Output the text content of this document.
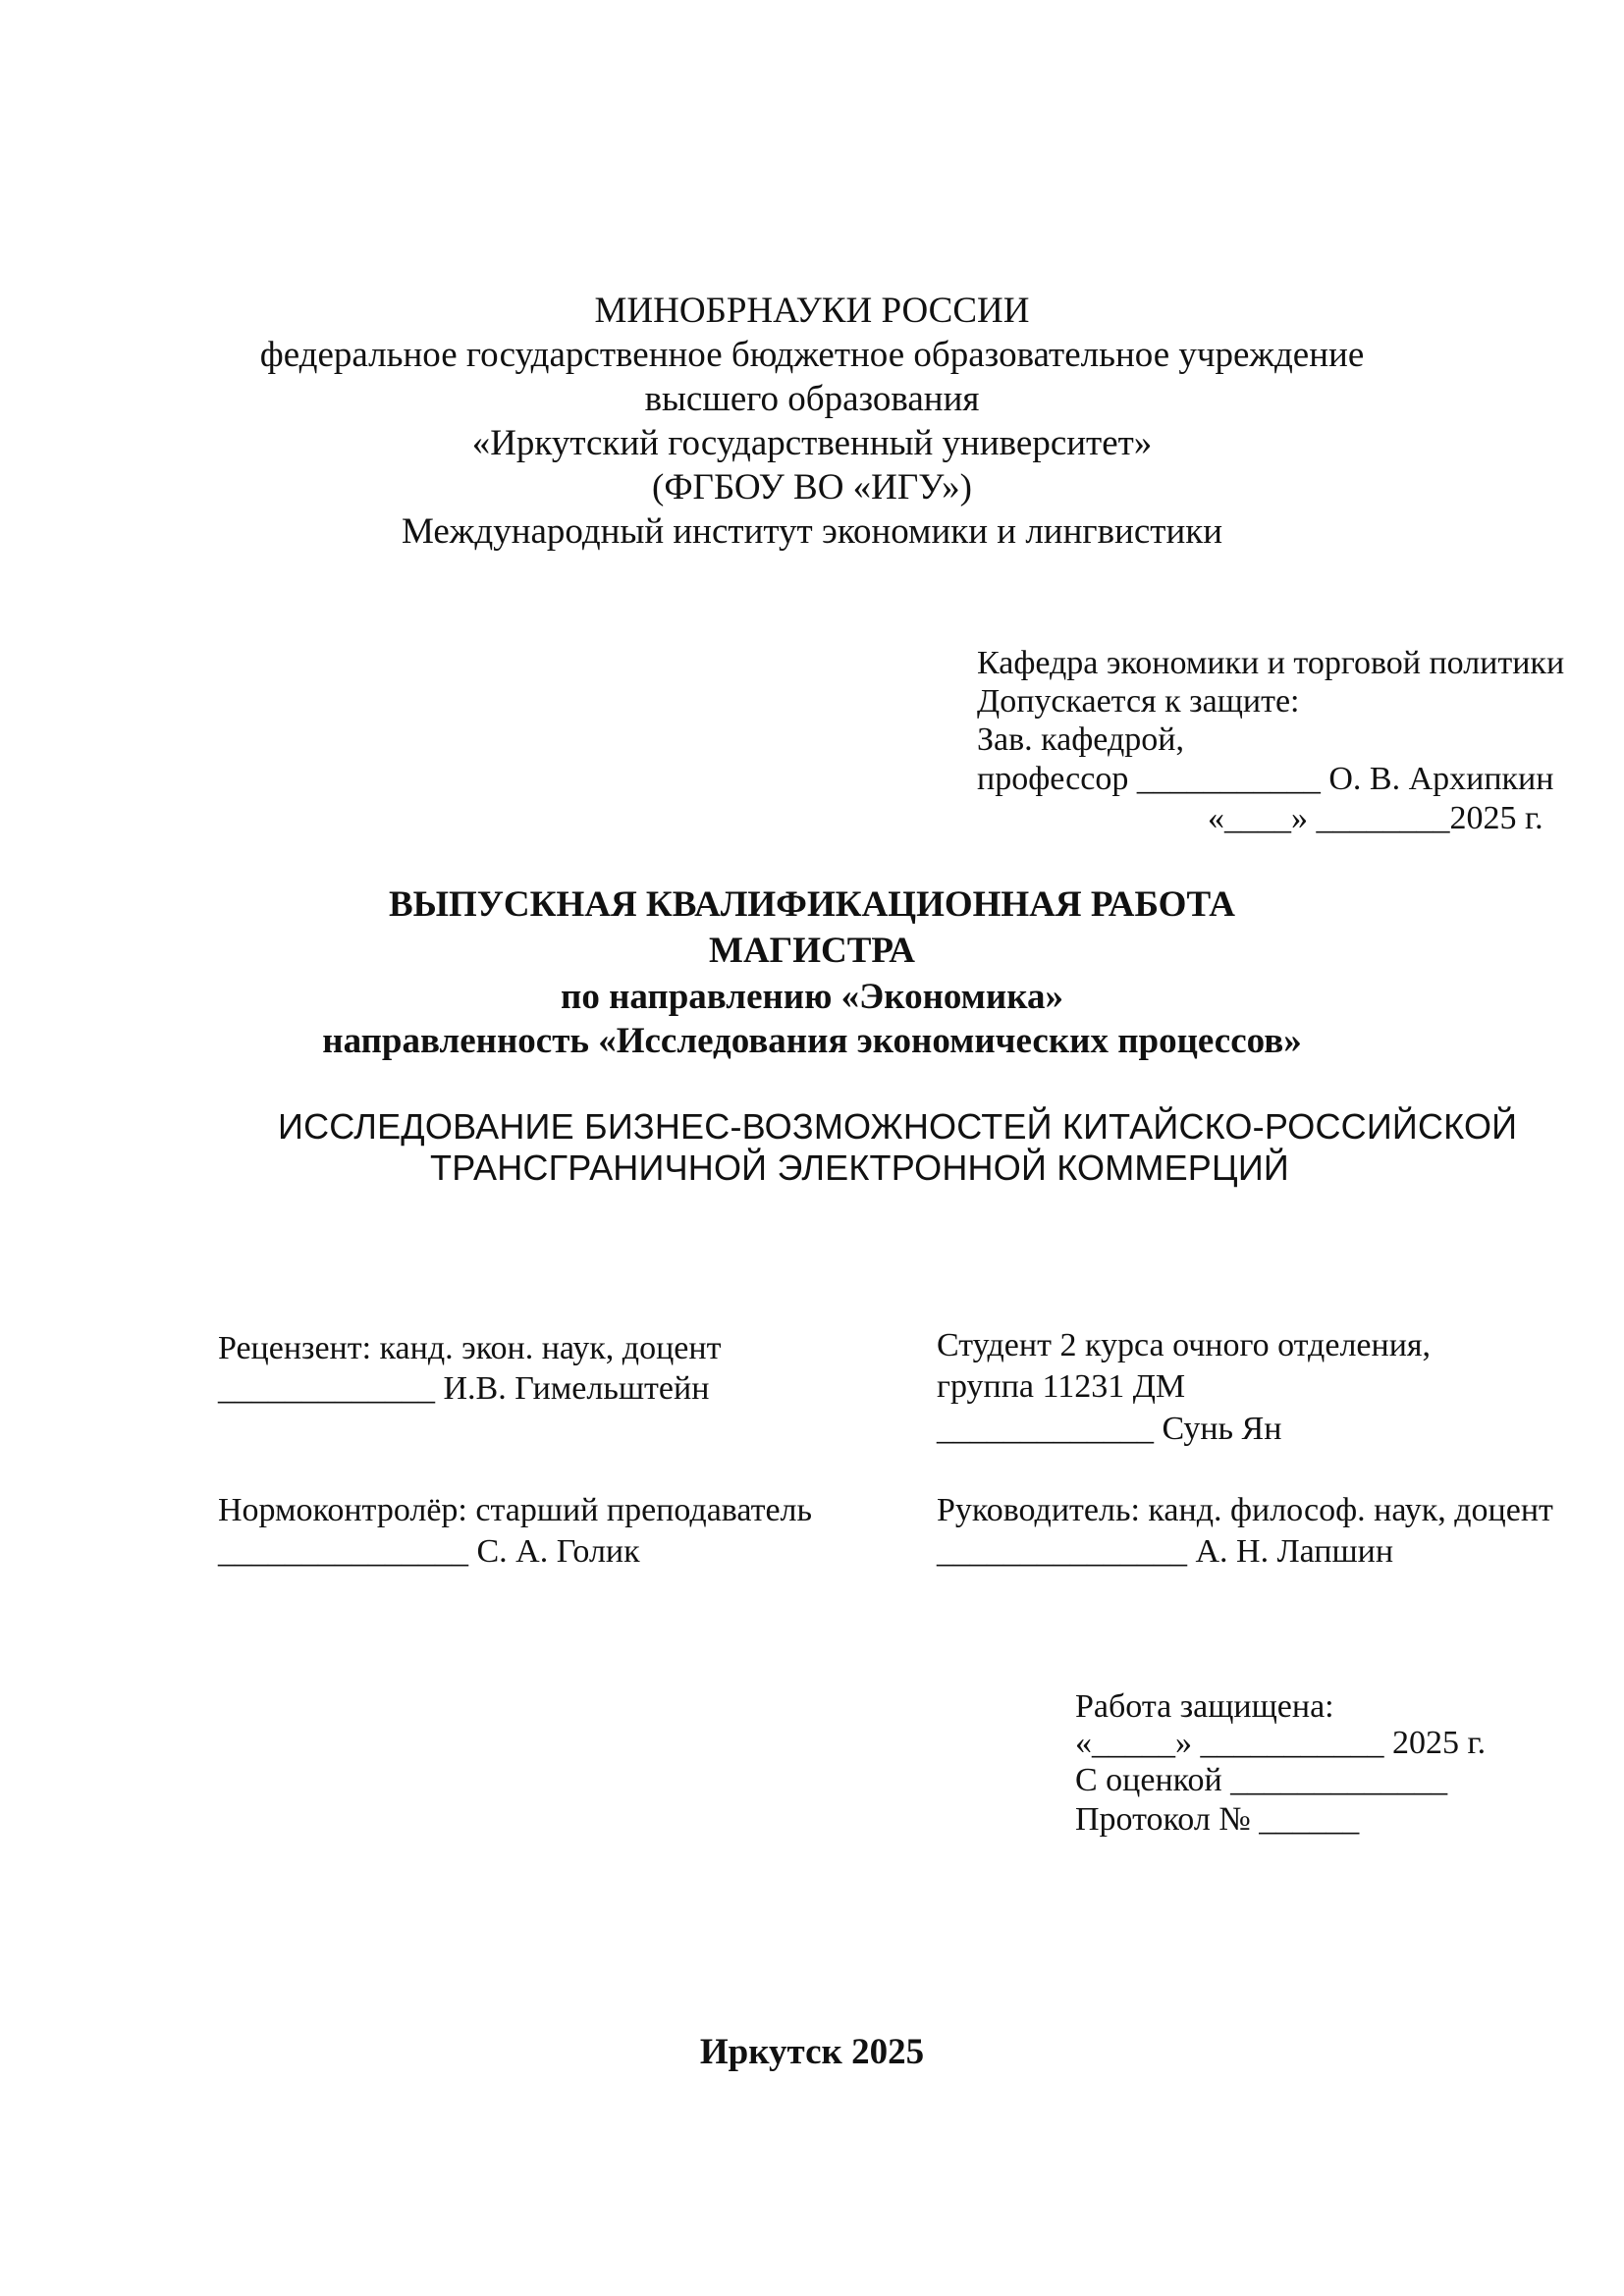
МИНОБРНАУКИ РОССИИ

федеральное государственное бюджетное образовательное учреждение

высшего образования

«Иркутский государственный университет»

(ФГБОУ ВО «ИГУ»)

Международный институт экономики и лингвистики

Кафедра экономики и торговой политики

Допускается к защите:

Зав. кафедрой,

профессор ___________ О. В. Архипкин

«____» ________2025 г.

ВЫПУСКНАЯ КВАЛИФИКАЦИОННАЯ РАБОТА

МАГИСТРА

по направлению «Экономика»

направленность «Исследования экономических процессов»

ИССЛЕДОВАНИЕ БИЗНЕС-ВОЗМОЖНОСТЕЙ КИТАЙСКО-РОССИЙСКОЙ

ТРАНСГРАНИЧНОЙ ЭЛЕКТРОННОЙ КОММЕРЦИЙ

Рецензент: канд. экон. наук, доцент

_____________ И.В. Гимельштейн

Студент 2 курса очного отделения,

группа 11231 ДМ

_____________ Сунь Ян

Нормоконтролёр: старший преподаватель

_______________ С. А. Голик

Руководитель: канд. философ. наук, доцент

_______________ А. Н. Лапшин

Работа защищена:

«_____» ___________ 2025 г.

С оценкой _____________

Протокол № ______

Иркутск 2025
